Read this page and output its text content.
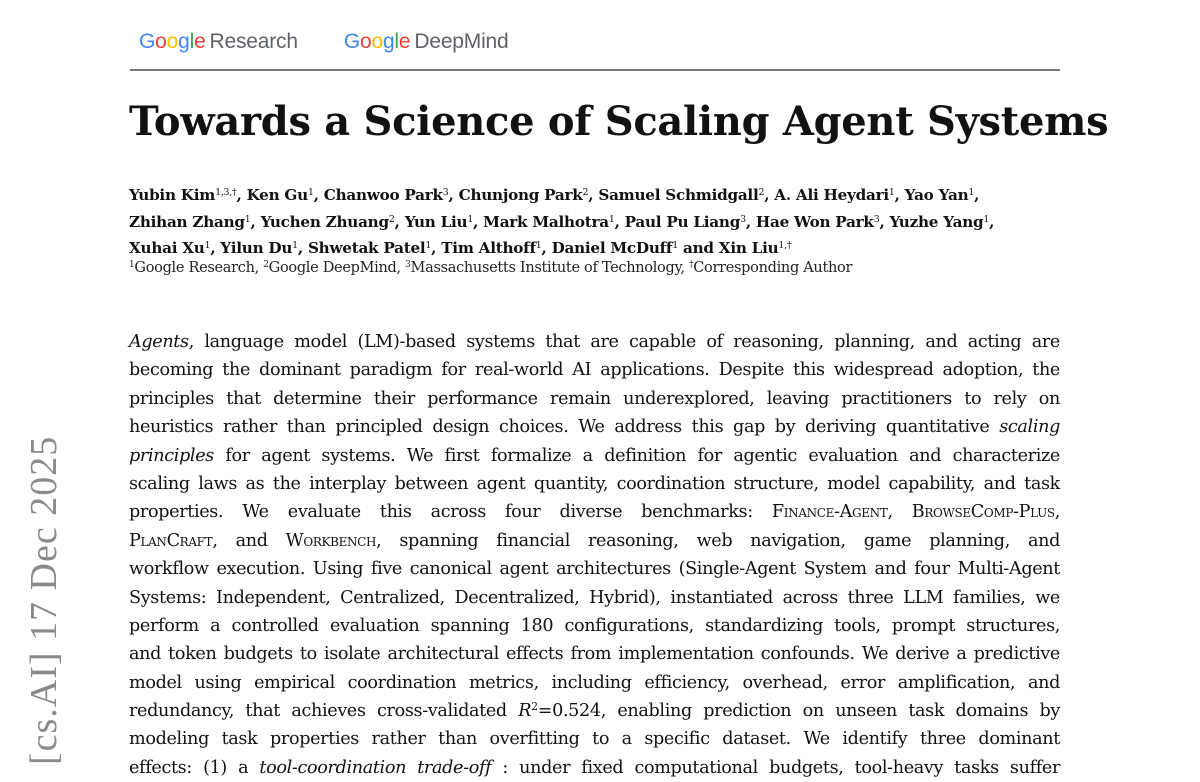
Google Research Google DeepMind
[cs.AI] 17 Dec 2025
Towards a Science of Scaling Agent Systems
Yubin Kim$^{1,3,\dagger}$, Ken Gu$^1$, Chanwoo Park$^3$, Chunjong Park$^2$, Samuel Schmidgall$^2$, A. Ali Heydari$^1$, Yao Yan$^1$,
Zhihan Zhang$^1$, Yuchen Zhuang$^2$, Yun Liu$^1$, Mark Malhotra$^1$, Paul Pu Liang$^3$, Hae Won Park$^3$, Yuzhe Yang$^1$,
Xuhai Xu$^1$, Yilun Du$^1$, Shwetak Patel$^1$, Tim Althoff$^1$, Daniel McDuff$^1$ and Xin Liu$^{1,\dagger}$
$^1$Google Research, $^2$Google DeepMind, $^3$Massachusetts Institute of Technology, †Corresponding Author
Agents, language model (LM)-based systems that are capable of reasoning, planning, and acting are
becoming the dominant paradigm for real-world AI applications. Despite this widespread adoption, the
principles that determine their performance remain underexplored, leaving practitioners to rely on
heuristics rather than principled design choices. We address this gap by deriving quantitative scaling
principles for agent systems. We first formalize a definition for agentic evaluation and characterize
scaling laws as the interplay between agent quantity, coordination structure, model capability, and task
properties. We evaluate this across four diverse benchmarks: Finance-Agent, BrowseComp-Plus,
PlanCraft, and Workbench, spanning financial reasoning, web navigation, game planning, and
workflow execution. Using five canonical agent architectures (Single-Agent System and four Multi-Agent
Systems: Independent, Centralized, Decentralized, Hybrid), instantiated across three LLM families, we
perform a controlled evaluation spanning 180 configurations, standardizing tools, prompt structures,
and token budgets to isolate architectural effects from implementation confounds. We derive a predictive
model using empirical coordination metrics, including efficiency, overhead, error amplification, and
redundancy, that achieves cross-validated $R^2=0.524$, enabling prediction on unseen task domains by
modeling task properties rather than overfitting to a specific dataset. We identify three dominant
effects: (1) a tool-coordination trade-off : under fixed computational budgets, tool-heavy tasks suffer
